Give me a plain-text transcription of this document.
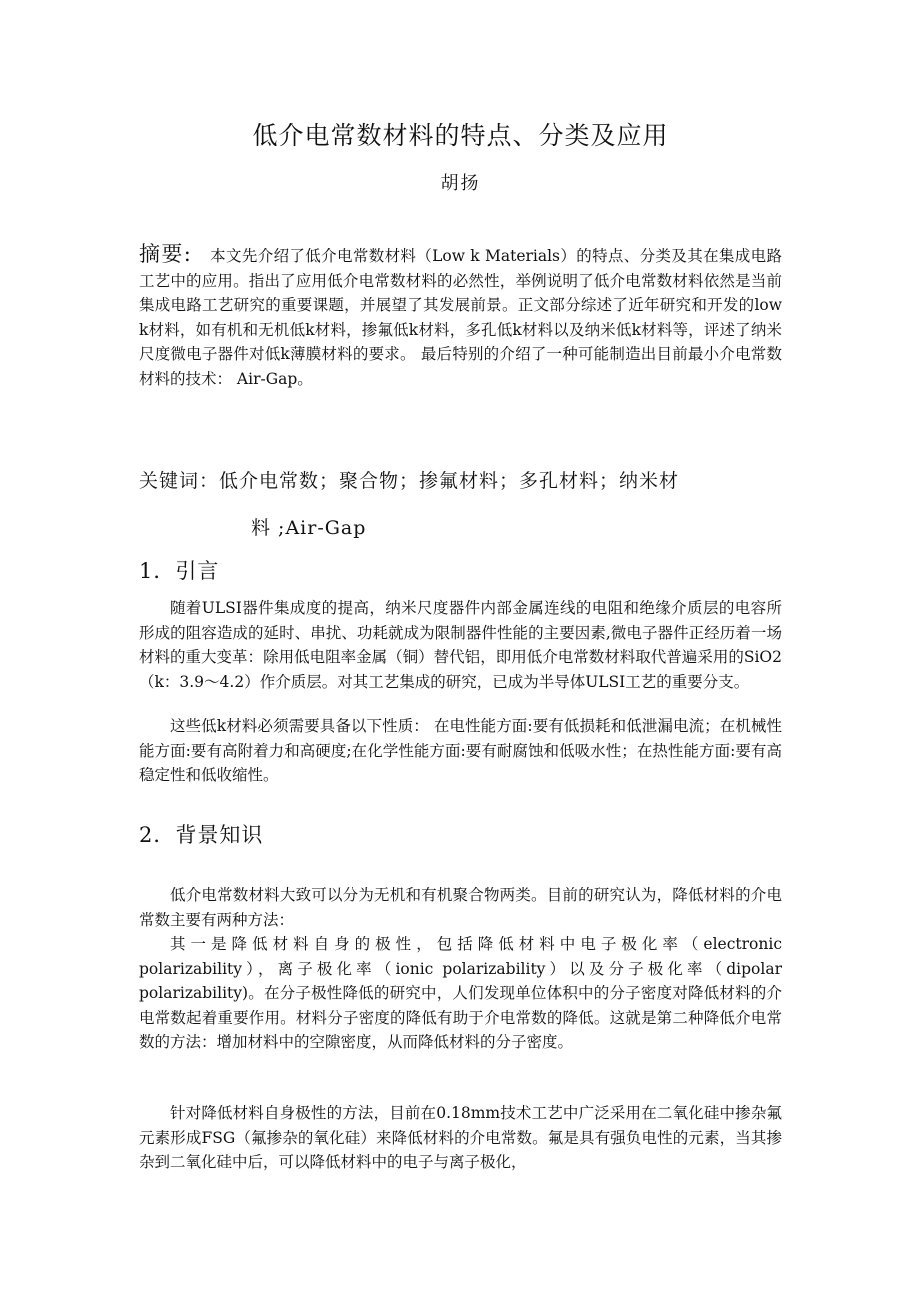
低介电常数材料的特点、分类及应用
胡扬
摘要: 本文先介绍了低介电常数材料（Low k Materials）的特点、分类及其在集成电路工艺中的应用。指出了应用低介电常数材料的必然性，举例说明了低介电常数材料依然是当前集成电路工艺研究的重要课题，并展望了其发展前景。正文部分综述了近年研究和开发的low k材料，如有机和无机低k材料，掺氟低k材料，多孔低k材料以及纳米低k材料等，评述了纳米尺度微电子器件对低k薄膜材料的要求。 最后特别的介绍了一种可能制造出目前最小介电常数材料的技术： Air-Gap。
关键词：低介电常数；聚合物；掺氟材料；多孔材料；纳米材
料 ;Air-Gap
1．引言

随着ULSI器件集成度的提高，纳米尺度器件内部金属连线的电阻和绝缘介质层的电容所形成的阻容造成的延时、串扰、功耗就成为限制器件性能的主要因素,微电子器件正经历着一场材料的重大变革：除用低电阻率金属（铜）替代铝，即用低介电常数材料取代普遍采用的SiO2（k：3.9～4.2）作介质层。对其工艺集成的研究，已成为半导体ULSI工艺的重要分支。

这些低k材料必须需要具备以下性质： 在电性能方面:要有低损耗和低泄漏电流；在机械性能方面:要有高附着力和高硬度;在化学性能方面:要有耐腐蚀和低吸水性；在热性能方面:要有高稳定性和低收缩性。

2．背景知识

低介电常数材料大致可以分为无机和有机聚合物两类。目前的研究认为，降低材料的介电常数主要有两种方法：

其一是降低材料自身的极性，包括降低材料中电子极化率（electronic polarizability），离子极化率（ionic polarizability）以及分子极化率（dipolar polarizability)。在分子极性降低的研究中，人们发现单位体积中的分子密度对降低材料的介电常数起着重要作用。材料分子密度的降低有助于介电常数的降低。这就是第二种降低介电常数的方法：增加材料中的空隙密度，从而降低材料的分子密度。

针对降低材料自身极性的方法，目前在0.18mm技术工艺中广泛采用在二氧化硅中掺杂氟元素形成FSG（氟掺杂的氧化硅）来降低材料的介电常数。氟是具有强负电性的元素，当其掺杂到二氧化硅中后，可以降低材料中的电子与离子极化，
